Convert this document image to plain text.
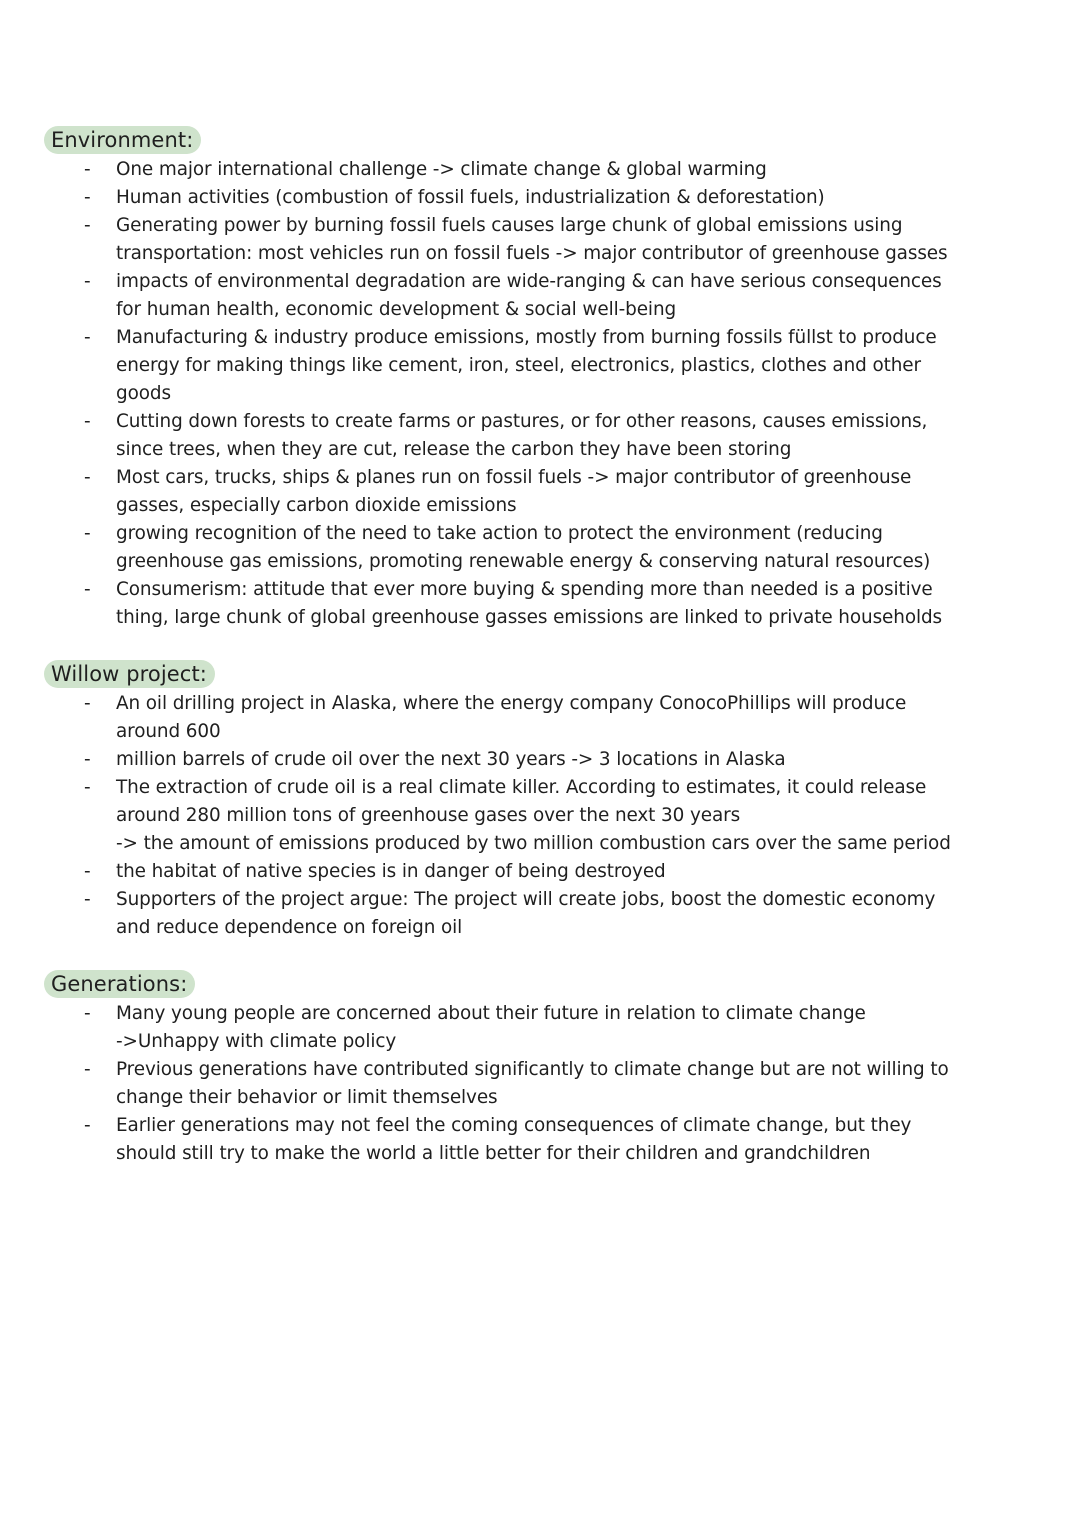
Environment:
- One major international challenge -> climate change & global warming
- Human activities (combustion of fossil fuels, industrialization & deforestation)
- Generating power by burning fossil fuels causes large chunk of global emissions using
transportation: most vehicles run on fossil fuels -> major contributor of greenhouse gasses
- impacts of environmental degradation are wide-ranging & can have serious consequences
for human health, economic development & social well-being
- Manufacturing & industry produce emissions, mostly from burning fossils füllst to produce
energy for making things like cement, iron, steel, electronics, plastics, clothes and other
goods
- Cutting down forests to create farms or pastures, or for other reasons, causes emissions,
since trees, when they are cut, release the carbon they have been storing
- Most cars, trucks, ships & planes run on fossil fuels -> major contributor of greenhouse
gasses, especially carbon dioxide emissions
- growing recognition of the need to take action to protect the environment (reducing
greenhouse gas emissions, promoting renewable energy & conserving natural resources)
- Consumerism: attitude that ever more buying & spending more than needed is a positive
thing, large chunk of global greenhouse gasses emissions are linked to private households
Willow project:
- An oil drilling project in Alaska, where the energy company ConocoPhillips will produce
around 600
- million barrels of crude oil over the next 30 years -> 3 locations in Alaska
- The extraction of crude oil is a real climate killer. According to estimates, it could release
around 280 million tons of greenhouse gases over the next 30 years
-> the amount of emissions produced by two million combustion cars over the same period
- the habitat of native species is in danger of being destroyed
- Supporters of the project argue: The project will create jobs, boost the domestic economy
and reduce dependence on foreign oil
Generations:
- Many young people are concerned about their future in relation to climate change
->Unhappy with climate policy
- Previous generations have contributed significantly to climate change but are not willing to
change their behavior or limit themselves
- Earlier generations may not feel the coming consequences of climate change, but they
should still try to make the world a little better for their children and grandchildren
